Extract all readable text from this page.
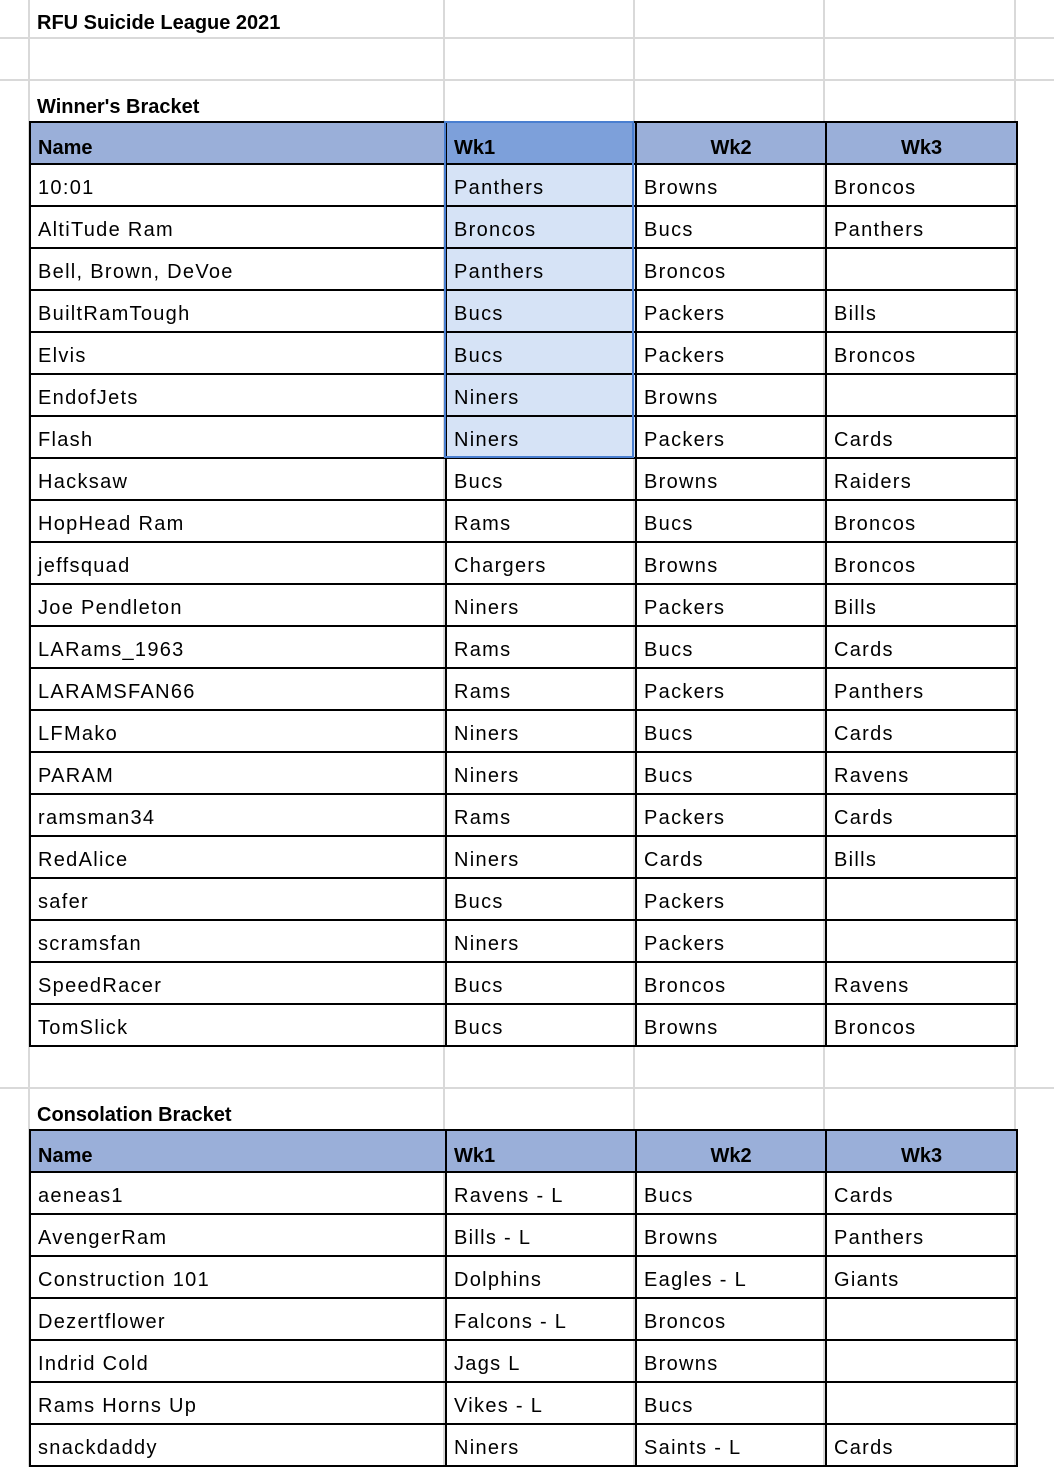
RFU Suicide League 2021
Winner's Bracket
Name	Wk1	Wk2	Wk3
10:01	Panthers	Browns	Broncos
AltiTude Ram	Broncos	Bucs	Panthers
Bell, Brown, DeVoe	Panthers	Broncos	
BuiltRamTough	Bucs	Packers	Bills
Elvis	Bucs	Packers	Broncos
EndofJets	Niners	Browns	
Flash	Niners	Packers	Cards
Hacksaw	Bucs	Browns	Raiders
HopHead Ram	Rams	Bucs	Broncos
jeffsquad	Chargers	Browns	Broncos
Joe Pendleton	Niners	Packers	Bills
LARams_1963	Rams	Bucs	Cards
LARAMSFAN66	Rams	Packers	Panthers
LFMako	Niners	Bucs	Cards
PARAM	Niners	Bucs	Ravens
ramsman34	Rams	Packers	Cards
RedAlice	Niners	Cards	Bills
safer	Bucs	Packers	
scramsfan	Niners	Packers	
SpeedRacer	Bucs	Broncos	Ravens
TomSlick	Bucs	Browns	Broncos
Consolation Bracket
Name	Wk1	Wk2	Wk3
aeneas1	Ravens - L	Bucs	Cards
AvengerRam	Bills - L	Browns	Panthers
Construction 101	Dolphins	Eagles - L	Giants
Dezertflower	Falcons - L	Broncos	
Indrid Cold	Jags L	Browns	
Rams Horns Up	Vikes - L	Bucs	
snackdaddy	Niners	Saints - L	Cards
